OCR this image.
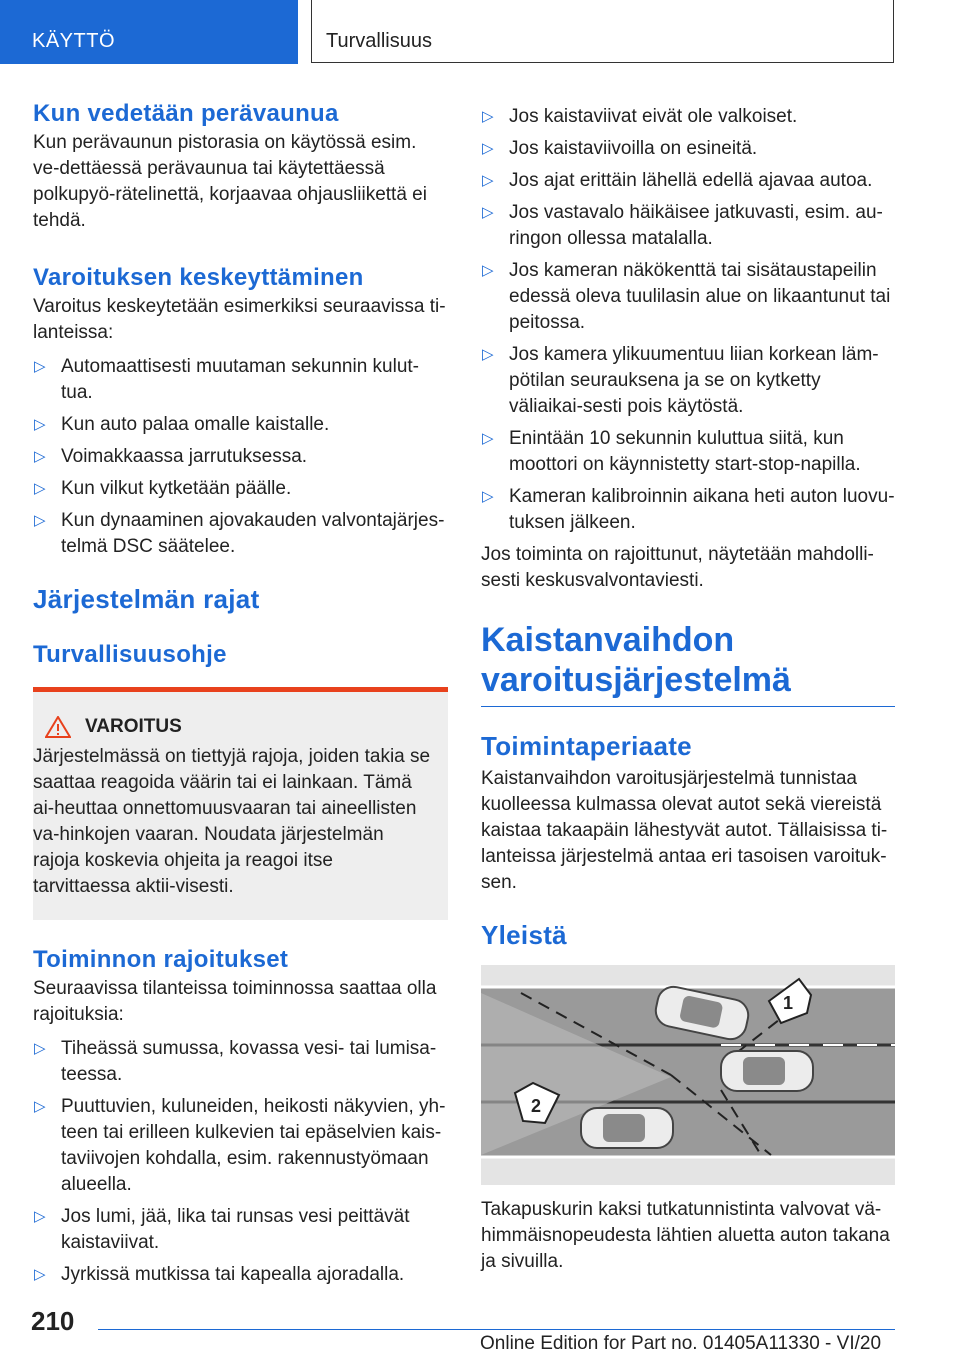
KÄYTTÖ	Turvallisuus
Kun vedetään perävaunua

Kun perävaunun pistorasia on käytössä esim. ve-dettäessä perävaunua tai käytettäessä polkupyö-rätelinettä, korjaavaa ohjausliikettä ei tehdä.

Varoituksen keskeyttäminen

Varoitus keskeytetään esimerkiksi seuraavissa ti-lanteissa:

▷ Automaattisesti muutaman sekunnin kulut-tua.
▷ Kun auto palaa omalle kaistalle.
▷ Voimakkaassa jarrutuksessa.
▷ Kun vilkut kytketään päälle.
▷ Kun dynaaminen ajovakauden valvontajärjes-telmä DSC säätelee.
Järjestelmän rajat
Turvallisuusohje
VAROITUS

Järjestelmässä on tiettyjä rajoja, joiden takia se saattaa reagoida väärin tai ei lainkaan. Tämä ai-heuttaa onnettomuusvaaran tai aineellisten va-hinkojen vaaran. Noudata järjestelmän rajoja koskevia ohjeita ja reagoi itse tarvittaessa aktii-visesti.

Toiminnon rajoitukset

Seuraavissa tilanteissa toiminnossa saattaa olla rajoituksia:

▷ Tiheässä sumussa, kovassa vesi- tai lumisa-teessa.
▷ Puuttuvien, kuluneiden, heikosti näkyvien, yh-teen tai erilleen kulkevien tai epäselvien kais-taviivojen kohdalla, esim. rakennustyömaan alueella.
▷ Jos lumi, jää, lika tai runsas vesi peittävät kaistaviivat.
▷ Jyrkissä mutkissa tai kapealla ajoradalla.
▷ Jos kaistaviivat eivät ole valkoiset.
▷ Jos kaistaviivoilla on esineitä.
▷ Jos ajat erittäin lähellä edellä ajavaa autoa.
▷ Jos vastavalo häikäisee jatkuvasti, esim. au-ringon ollessa matalalla.
▷ Jos kameran näkökenttä tai sisätaustapeilin edessä oleva tuulilasin alue on likaantunut tai peitossa.
▷ Jos kamera ylikuumentuu liian korkean läm-pötilan seurauksena ja se on kytketty väliaikai-sesti pois käytöstä.
▷ Enintään 10 sekunnin kuluttua siitä, kun moottori on käynnistetty start-stop-napilla.
▷ Kameran kalibroinnin aikana heti auton luovu-tuksen jälkeen.

Jos toiminta on rajoittunut, näytetään mahdolli-sesti keskusvalvontaviesti.

Kaistanvaihdon varoitusjärjestelmä
Toimintaperiaate

Kaistanvaihdon varoitusjärjestelmä tunnistaa kuolleessa kulmassa olevat autot sekä viereistä kaistaa takaapäin lähestyvät autot. Tällaisissa ti-lanteissa järjestelmä antaa eri tasoisen varoituk-sen.

Yleistä
1
2

Takapuskurin kaksi tutkatunnistinta valvovat vä-himmäisnopeudesta lähtien aluetta auton takana ja sivuilla.

210
Online Edition for Part no. 01405A11330 - VI/20
